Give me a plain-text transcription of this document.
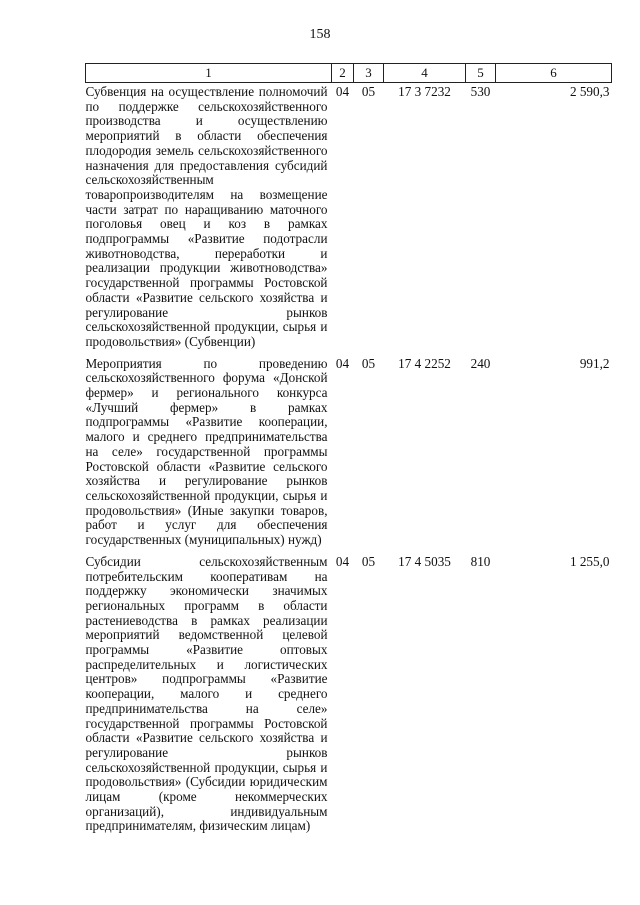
158
1	2	3	4	5	6
Субвенция на осуществление полномочий по поддержке сельскохозяйственного производства и осуществлению мероприятий в области обеспечения плодородия земель сельскохозяйственного назначения для предоставления субсидий сельскохозяйственным товаропроизводителям на возмещение части затрат по наращиванию маточного поголовья овец и коз в рамках подпрограммы «Развитие подотрасли животноводства, переработки и реализации продукции животноводства» государственной программы Ростовской области «Развитие сельского хозяйства и регулирование рынков сельскохозяйственной продукции, сырья и продовольствия» (Субвенции)	04	05	17 3 7232	530	2 590,3
Мероприятия по проведению сельскохозяйственного форума «Донской фермер» и регионального конкурса «Лучший фермер» в рамках подпрограммы «Развитие кооперации, малого и среднего предпринимательства на селе» государственной программы Ростовской области «Развитие сельского хозяйства и регулирование рынков сельскохозяйственной продукции, сырья и продовольствия» (Иные закупки товаров, работ и услуг для обеспечения государственных (муниципальных) нужд)	04	05	17 4 2252	240	991,2
Субсидии сельскохозяйственным потребительским кооперативам на поддержку экономически значимых региональных программ в области растениеводства в рамках реализации мероприятий ведомственной целевой программы «Развитие оптовых распределительных и логистических центров» подпрограммы «Развитие кооперации, малого и среднего предпринимательства на селе» государственной программы Ростовской области «Развитие сельского хозяйства и регулирование рынков сельскохозяйственной продукции, сырья и продовольствия» (Субсидии юридическим лицам (кроме некоммерческих организаций), индивидуальным предпринимателям, физическим лицам)	04	05	17 4 5035	810	1 255,0
